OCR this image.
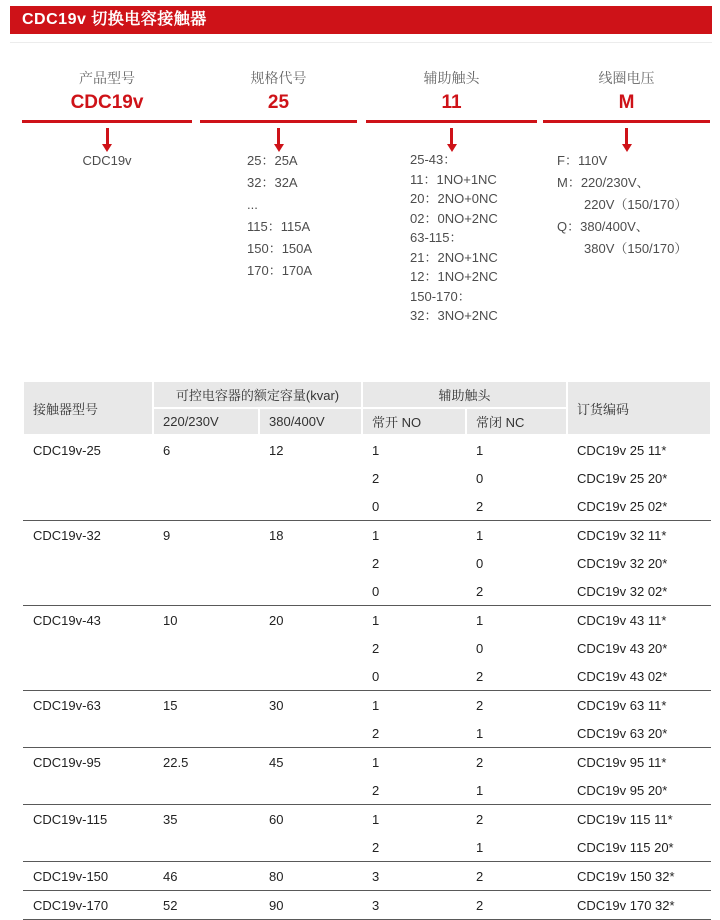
CDC19v 切换电容接触器
产品型号
CDC19v
CDC19v
规格代号
25
25：25A
32：32A
...
115：115A
150：150A
170：170A
辅助触头
11
25-43：
11：1NO+1NC
20：2NO+0NC
02：0NO+2NC
63-115：
21：2NO+1NC
12：1NO+2NC
150-170：
32：3NO+2NC
线圈电压
M
F：110V
M：220/230V、
220V（150/170）
Q：380/400V、
380V（150/170）
接触器型号	可控电容器的额定容量(kvar)		辅助触头		订货编码
	220/230V	380/400V	常开 NO	常闭 NC	
CDC19v-25	6	12	1	1	CDC19v 25 11*
			2	0	CDC19v 25 20*
			0	2	CDC19v 25 02*
CDC19v-32	9	18	1	1	CDC19v 32 11*
			2	0	CDC19v 32 20*
			0	2	CDC19v 32 02*
CDC19v-43	10	20	1	1	CDC19v 43 11*
			2	0	CDC19v 43 20*
			0	2	CDC19v 43 02*
CDC19v-63	15	30	1	2	CDC19v 63 11*
			2	1	CDC19v 63 20*
CDC19v-95	22.5	45	1	2	CDC19v 95 11*
			2	1	CDC19v 95 20*
CDC19v-115	35	60	1	2	CDC19v 115 11*
			2	1	CDC19v 115 20*
CDC19v-150	46	80	3	2	CDC19v 150 32*
CDC19v-170	52	90	3	2	CDC19v 170 32*
